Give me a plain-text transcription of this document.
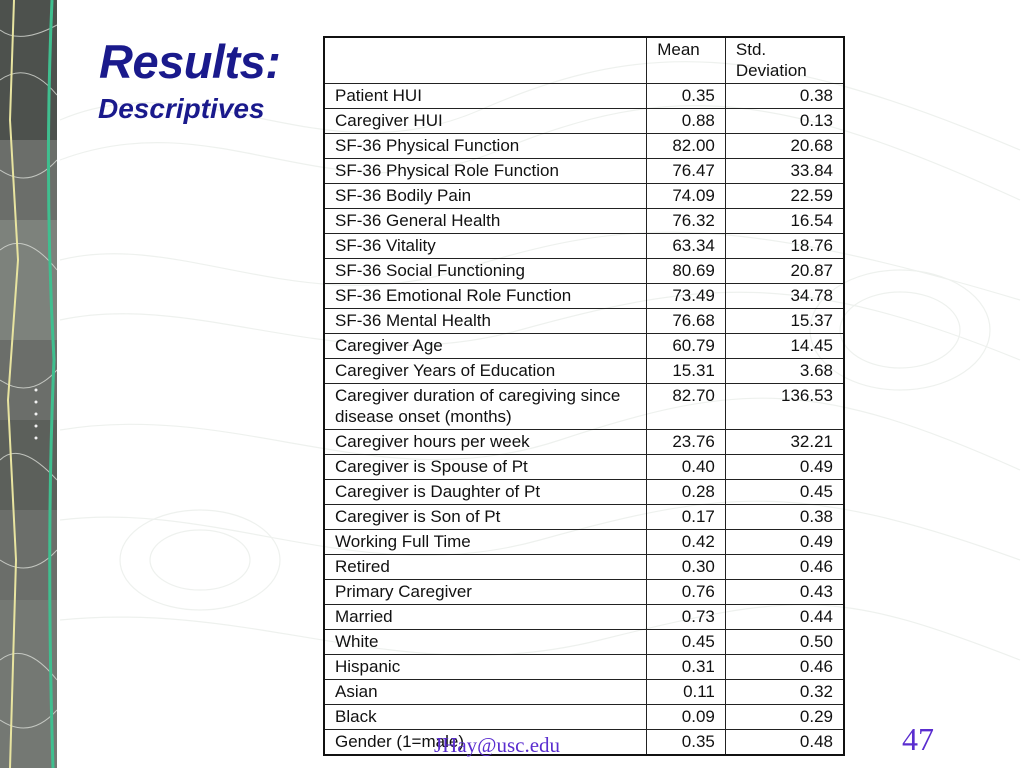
Results:
Descriptives
	Mean	Std. Deviation
Patient HUI	0.35	0.38
Caregiver HUI	0.88	0.13
SF-36 Physical Function	82.00	20.68
SF-36 Physical Role Function	76.47	33.84
SF-36 Bodily Pain	74.09	22.59
SF-36 General Health	76.32	16.54
SF-36 Vitality	63.34	18.76
SF-36 Social Functioning	80.69	20.87
SF-36 Emotional Role Function	73.49	34.78
SF-36 Mental Health	76.68	15.37
Caregiver Age	60.79	14.45
Caregiver Years of Education	15.31	3.68
Caregiver duration of caregiving since disease onset (months)	82.70	136.53
Caregiver hours per week	23.76	32.21
Caregiver is Spouse of Pt	0.40	0.49
Caregiver is Daughter of Pt	0.28	0.45
Caregiver is Son of Pt	0.17	0.38
Working Full Time	0.42	0.49
Retired	0.30	0.46
Primary Caregiver	0.76	0.43
Married	0.73	0.44
White	0.45	0.50
Hispanic	0.31	0.46
Asian	0.11	0.32
Black	0.09	0.29
Gender (1=male)	0.35	0.48
JHay@usc.edu	47
